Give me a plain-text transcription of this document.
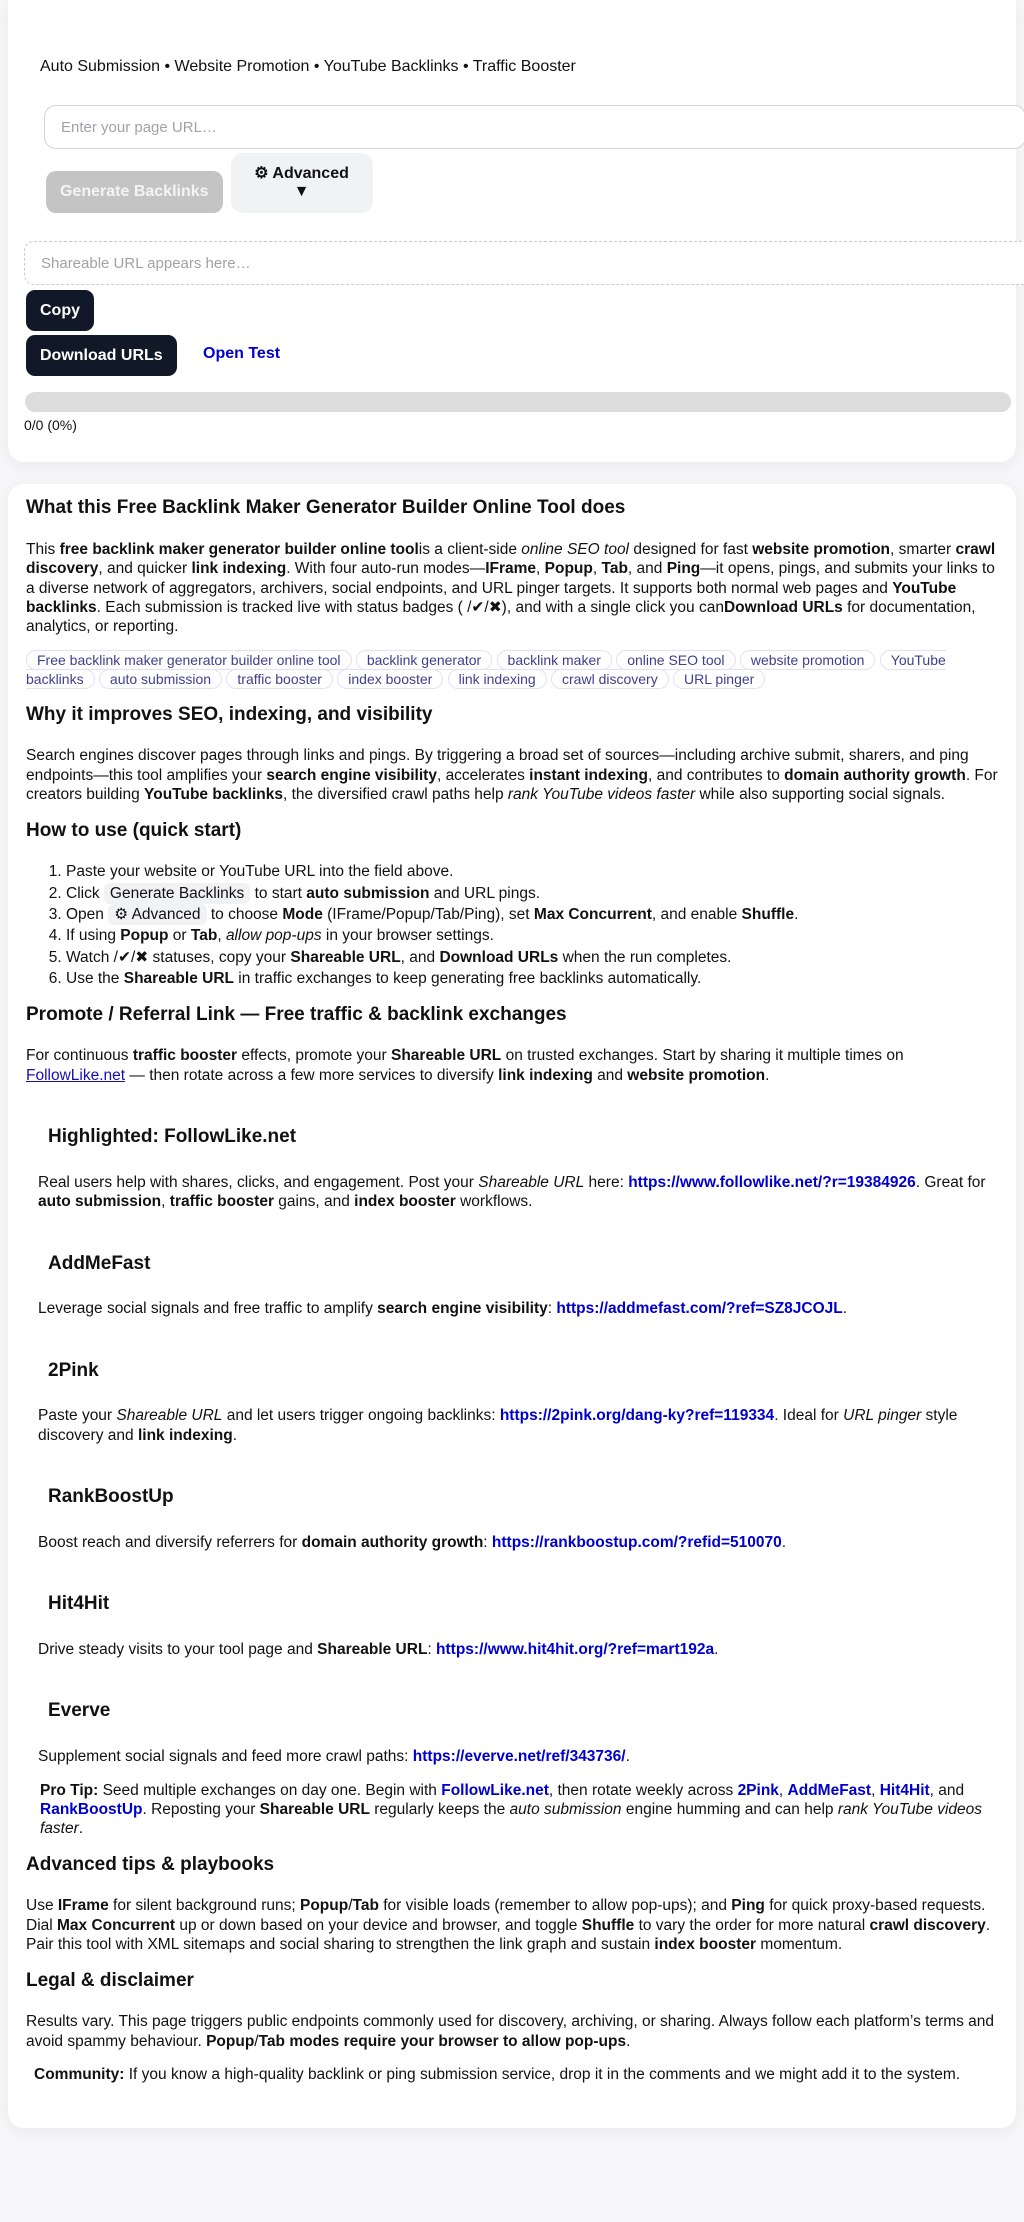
Auto Submission • Website Promotion • YouTube Backlinks • Traffic Booster
Enter your page URL…
Generate Backlinks
⚙ Advanced
▼
Shareable URL appears here…
Copy
Download URLs	Open Test
0/0 (0%)
What this Free Backlink Maker Generator Builder Online Tool does

This free backlink maker generator builder online toolis a client-side online SEO tool designed for fast website promotion, smarter crawl discovery, and quicker link indexing. With four auto-run modes—IFrame, Popup, Tab, and Ping—it opens, pings, and submits your links to a diverse network of aggregators, archivers, social endpoints, and URL pinger targets. It supports both normal web pages and YouTube backlinks. Each submission is tracked live with status badges ( /✔/✖), and with a single click you canDownload URLs for documentation, analytics, or reporting.

Free backlink maker generator builder online tool backlink generator backlink maker online SEO tool website promotion YouTube backlinks auto submission traffic booster index booster link indexing crawl discovery URL pinger
Why it improves SEO, indexing, and visibility

Search engines discover pages through links and pings. By triggering a broad set of sources—including archive submit, sharers, and ping endpoints—this tool amplifies your search engine visibility, accelerates instant indexing, and contributes to domain authority growth. For creators building YouTube backlinks, the diversified crawl paths help rank YouTube videos faster while also supporting social signals.

How to use (quick start)
1. Paste your website or YouTube URL into the field above.
2. Click Generate Backlinks to start auto submission and URL pings.
3. Open ⚙ Advanced to choose Mode (IFrame/Popup/Tab/Ping), set Max Concurrent, and enable Shuffle.
4. If using Popup or Tab, allow pop-ups in your browser settings.
5. Watch /✔/✖ statuses, copy your Shareable URL, and Download URLs when the run completes.
6. Use the Shareable URL in traffic exchanges to keep generating free backlinks automatically.
Promote / Referral Link — Free traffic & backlink exchanges

For continuous traffic booster effects, promote your Shareable URL on trusted exchanges. Start by sharing it multiple times on FollowLike.net — then rotate across a few more services to diversify link indexing and website promotion.

Highlighted: FollowLike.net

Real users help with shares, clicks, and engagement. Post your Shareable URL here: https://www.followlike.net/?r=19384926. Great for auto submission, traffic booster gains, and index booster workflows.

AddMeFast

Leverage social signals and free traffic to amplify search engine visibility: https://addmefast.com/?ref=SZ8JCOJL.

2Pink

Paste your Shareable URL and let users trigger ongoing backlinks: https://2pink.org/dang-ky?ref=119334. Ideal for URL pinger style discovery and link indexing.

RankBoostUp

Boost reach and diversify referrers for domain authority growth: https://rankboostup.com/?refid=510070.

Hit4Hit

Drive steady visits to your tool page and Shareable URL: https://www.hit4hit.org/?ref=mart192a.

Everve

Supplement social signals and feed more crawl paths: https://everve.net/ref/343736/.

Pro Tip: Seed multiple exchanges on day one. Begin with FollowLike.net, then rotate weekly across 2Pink, AddMeFast, Hit4Hit, and RankBoostUp. Reposting your Shareable URL regularly keeps the auto submission engine humming and can help rank YouTube videos faster.

Advanced tips & playbooks

Use IFrame for silent background runs; Popup/Tab for visible loads (remember to allow pop-ups); and Ping for quick proxy-based requests. Dial Max Concurrent up or down based on your device and browser, and toggle Shuffle to vary the order for more natural crawl discovery. Pair this tool with XML sitemaps and social sharing to strengthen the link graph and sustain index booster momentum.

Legal & disclaimer

Results vary. This page triggers public endpoints commonly used for discovery, archiving, or sharing. Always follow each platform’s terms and avoid spammy behaviour. Popup/Tab modes require your browser to allow pop-ups.

Community: If you know a high-quality backlink or ping submission service, drop it in the comments and we might add it to the system.
